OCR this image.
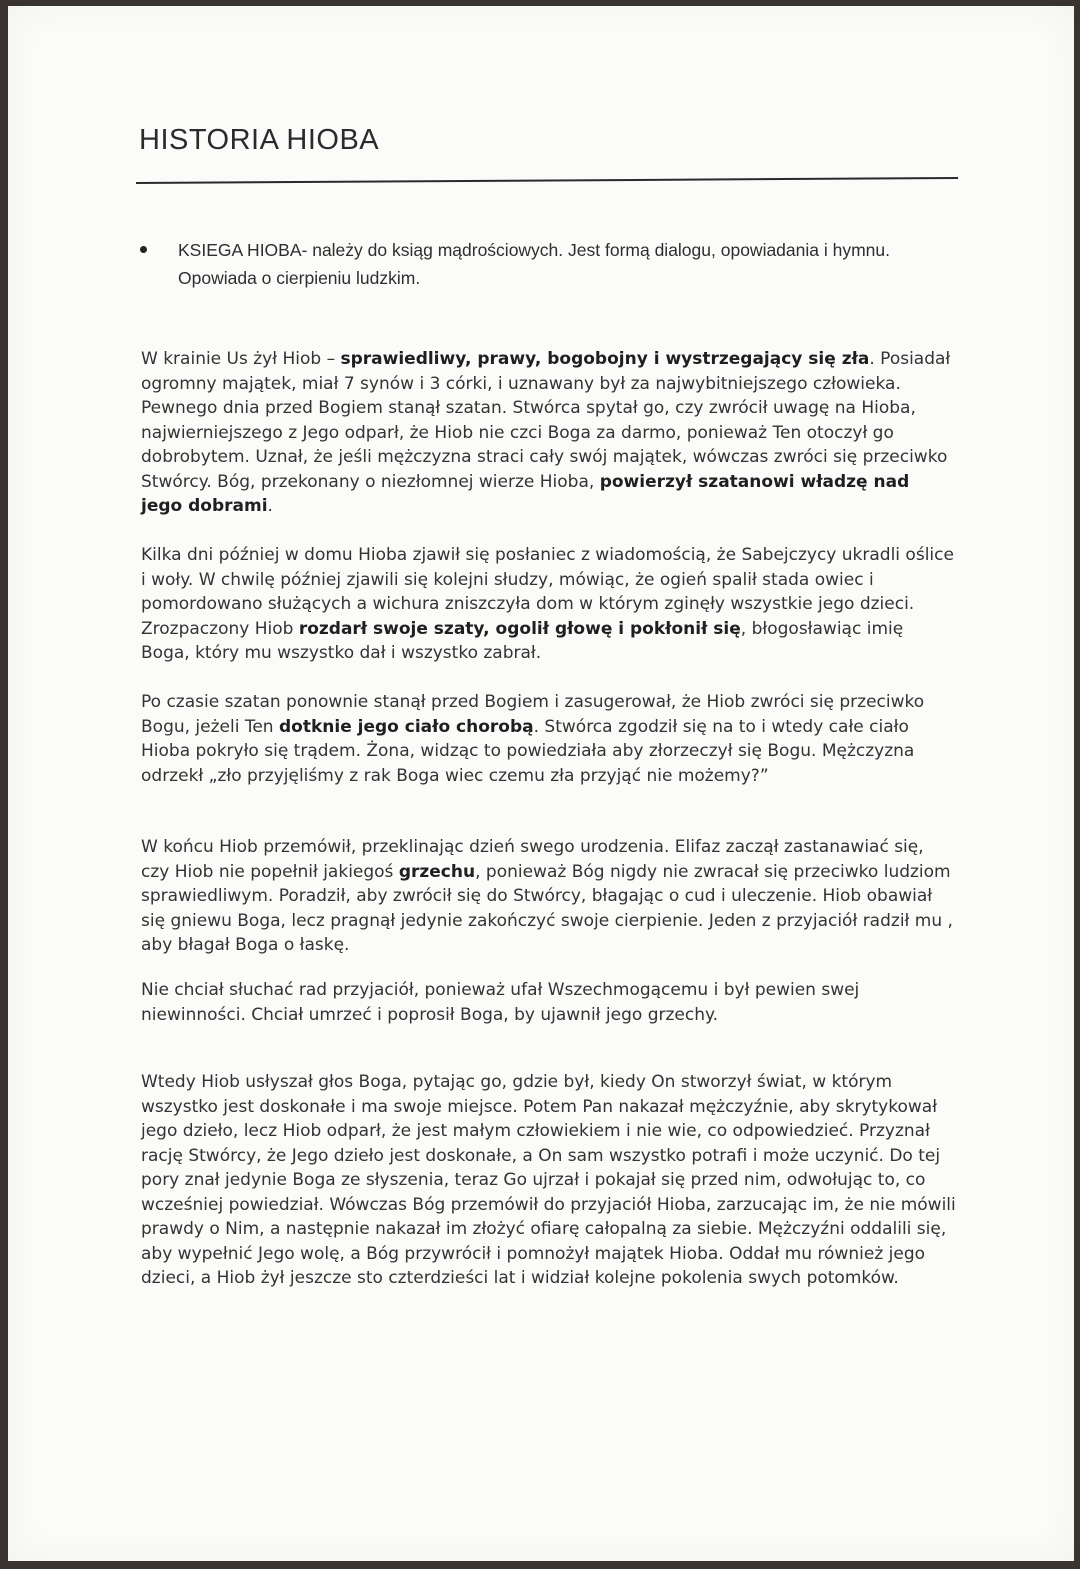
HISTORIA HIOBA

KSIEGA HIOBA- należy do ksiąg mądrościowych. Jest formą dialogu, opowiadania i hymnu. Opowiada o cierpieniu ludzkim.

W krainie Us żył Hiob – sprawiedliwy, prawy, bogobojny i wystrzegający się zła. Posiadał ogromny majątek, miał 7 synów i 3 córki, i uznawany był za najwybitniejszego człowieka. Pewnego dnia przed Bogiem stanął szatan. Stwórca spytał go, czy zwrócił uwagę na Hioba, najwierniejszego z Jego odparł, że Hiob nie czci Boga za darmo, ponieważ Ten otoczył go dobrobytem. Uznał, że jeśli mężczyzna straci cały swój majątek, wówczas zwróci się przeciwko Stwórcy. Bóg, przekonany o niezłomnej wierze Hioba, powierzył szatanowi władzę nad jego dobrami.

Kilka dni później w domu Hioba zjawił się posłaniec z wiadomością, że Sabejczycy ukradli oślice i woły. W chwilę później zjawili się kolejni słudzy, mówiąc, że ogień spalił stada owiec i pomordowano służących a wichura zniszczyła dom w którym zginęły wszystkie jego dzieci. Zrozpaczony Hiob rozdarł swoje szaty, ogolił głowę i pokłonił się, błogosławiąc imię Boga, który mu wszystko dał i wszystko zabrał.

Po czasie szatan ponownie stanął przed Bogiem i zasugerował, że Hiob zwróci się przeciwko Bogu, jeżeli Ten dotknie jego ciało chorobą. Stwórca zgodził się na to i wtedy całe ciało Hioba pokryło się trądem. Żona, widząc to powiedziała aby złorzeczył się Bogu. Mężczyzna odrzekł „zło przyjęliśmy z rak Boga wiec czemu zła przyjąć nie możemy?”

W końcu Hiob przemówił, przeklinając dzień swego urodzenia. Elifaz zaczął zastanawiać się, czy Hiob nie popełnił jakiegoś grzechu, ponieważ Bóg nigdy nie zwracał się przeciwko ludziom sprawiedliwym. Poradził, aby zwrócił się do Stwórcy, błagając o cud i uleczenie. Hiob obawiał się gniewu Boga, lecz pragnął jedynie zakończyć swoje cierpienie. Jeden z przyjaciół radził mu , aby błagał Boga o łaskę.

Nie chciał słuchać rad przyjaciół, ponieważ ufał Wszechmogącemu i był pewien swej niewinności. Chciał umrzeć i poprosił Boga, by ujawnił jego grzechy.

Wtedy Hiob usłyszał głos Boga, pytając go, gdzie był, kiedy On stworzył świat, w którym wszystko jest doskonałe i ma swoje miejsce. Potem Pan nakazał mężczyźnie, aby skrytykował jego dzieło, lecz Hiob odparł, że jest małym człowiekiem i nie wie, co odpowiedzieć. Przyznał rację Stwórcy, że Jego dzieło jest doskonałe, a On sam wszystko potrafi i może uczynić. Do tej pory znał jedynie Boga ze słyszenia, teraz Go ujrzał i pokajał się przed nim, odwołując to, co wcześniej powiedział. Wówczas Bóg przemówił do przyjaciół Hioba, zarzucając im, że nie mówili prawdy o Nim, a następnie nakazał im złożyć ofiarę całopalną za siebie. Mężczyźni oddalili się, aby wypełnić Jego wolę, a Bóg przywrócił i pomnożył majątek Hioba. Oddał mu również jego dzieci, a Hiob żył jeszcze sto czterdzieści lat i widział kolejne pokolenia swych potomków.
